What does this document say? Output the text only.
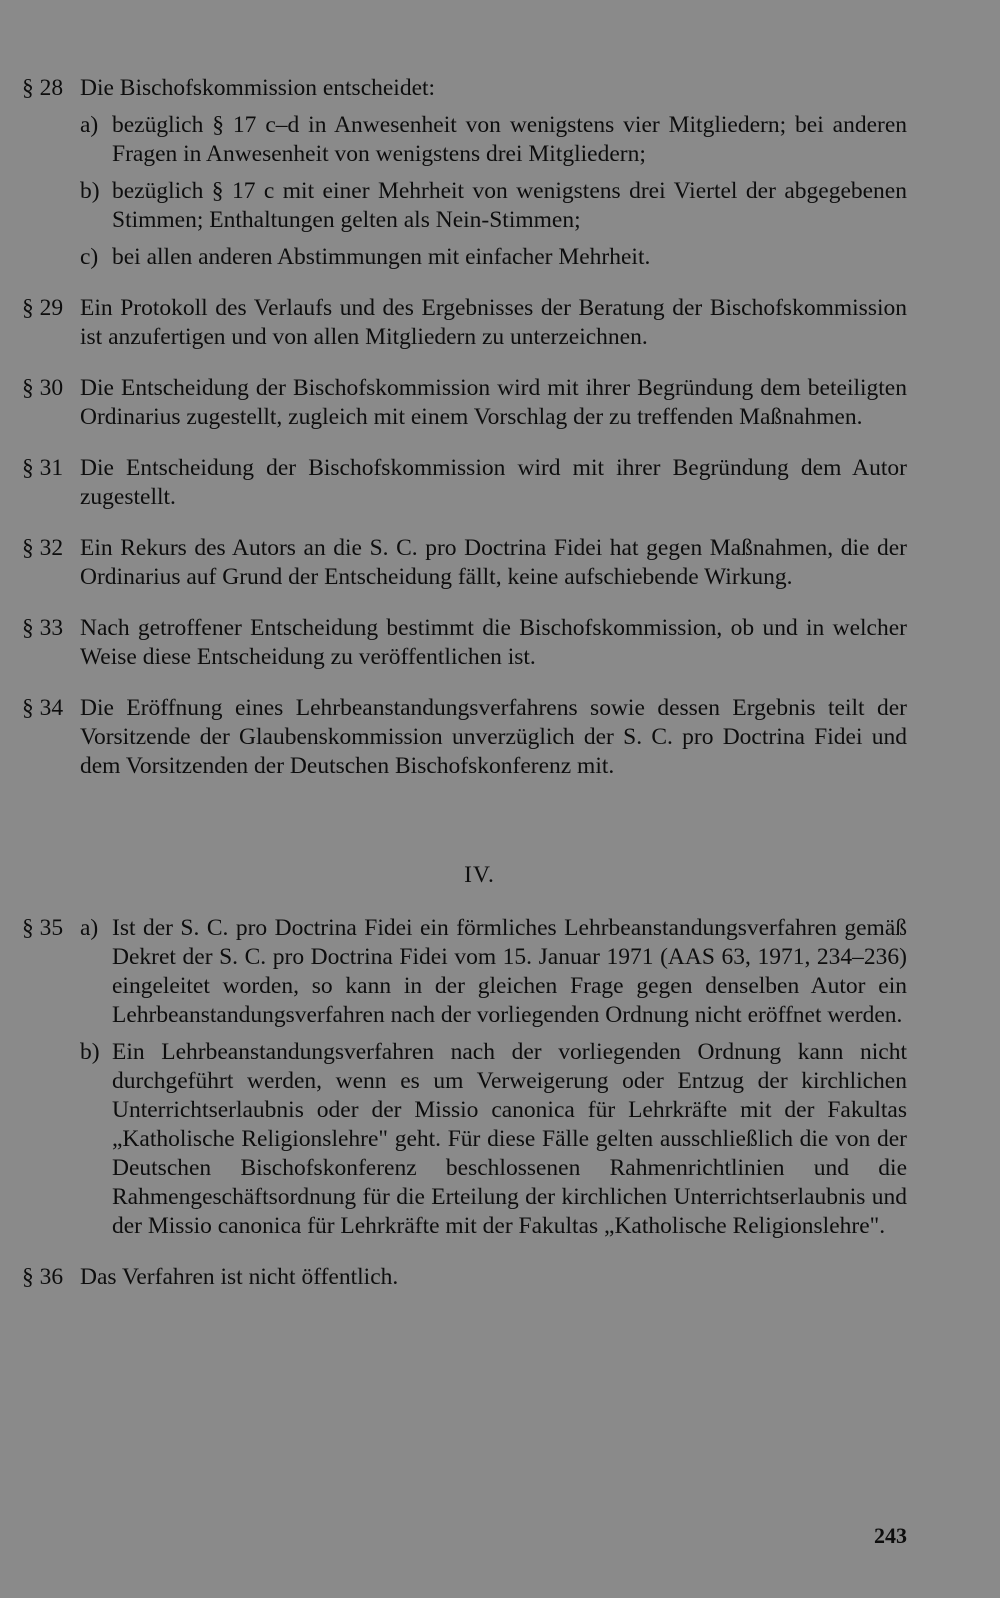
§ 28 Die Bischofskommission entscheidet:
a) bezüglich § 17 c–d in Anwesenheit von wenigstens vier Mitgliedern; bei anderen Fragen in Anwesenheit von wenigstens drei Mitgliedern;
b) bezüglich § 17 c mit einer Mehrheit von wenigstens drei Viertel der abgegebenen Stimmen; Enthaltungen gelten als Nein-Stimmen;
c) bei allen anderen Abstimmungen mit einfacher Mehrheit.
§ 29 Ein Protokoll des Verlaufs und des Ergebnisses der Beratung der Bischofskommission ist anzufertigen und von allen Mitgliedern zu unterzeichnen.
§ 30 Die Entscheidung der Bischofskommission wird mit ihrer Begründung dem beteiligten Ordinarius zugestellt, zugleich mit einem Vorschlag der zu treffenden Maßnahmen.
§ 31 Die Entscheidung der Bischofskommission wird mit ihrer Begründung dem Autor zugestellt.
§ 32 Ein Rekurs des Autors an die S. C. pro Doctrina Fidei hat gegen Maßnahmen, die der Ordinarius auf Grund der Entscheidung fällt, keine aufschiebende Wirkung.
§ 33 Nach getroffener Entscheidung bestimmt die Bischofskommission, ob und in welcher Weise diese Entscheidung zu veröffentlichen ist.
§ 34 Die Eröffnung eines Lehrbeanstandungsverfahrens sowie dessen Ergebnis teilt der Vorsitzende der Glaubenskommission unverzüglich der S. C. pro Doctrina Fidei und dem Vorsitzenden der Deutschen Bischofskonferenz mit.
IV.
§ 35 a) Ist der S. C. pro Doctrina Fidei ein förmliches Lehrbeanstandungsverfahren gemäß Dekret der S. C. pro Doctrina Fidei vom 15. Januar 1971 (AAS 63, 1971, 234–236) eingeleitet worden, so kann in der gleichen Frage gegen denselben Autor ein Lehrbeanstandungsverfahren nach der vorliegenden Ordnung nicht eröffnet werden.
b) Ein Lehrbeanstandungsverfahren nach der vorliegenden Ordnung kann nicht durchgeführt werden, wenn es um Verweigerung oder Entzug der kirchlichen Unterrichtserlaubnis oder der Missio canonica für Lehrkräfte mit der Fakultas „Katholische Religionslehre" geht. Für diese Fälle gelten ausschließlich die von der Deutschen Bischofskonferenz beschlossenen Rahmenrichtlinien und die Rahmengeschäftsordnung für die Erteilung der kirchlichen Unterrichtserlaubnis und der Missio canonica für Lehrkräfte mit der Fakultas „Katholische Religionslehre".
§ 36 Das Verfahren ist nicht öffentlich.
243
